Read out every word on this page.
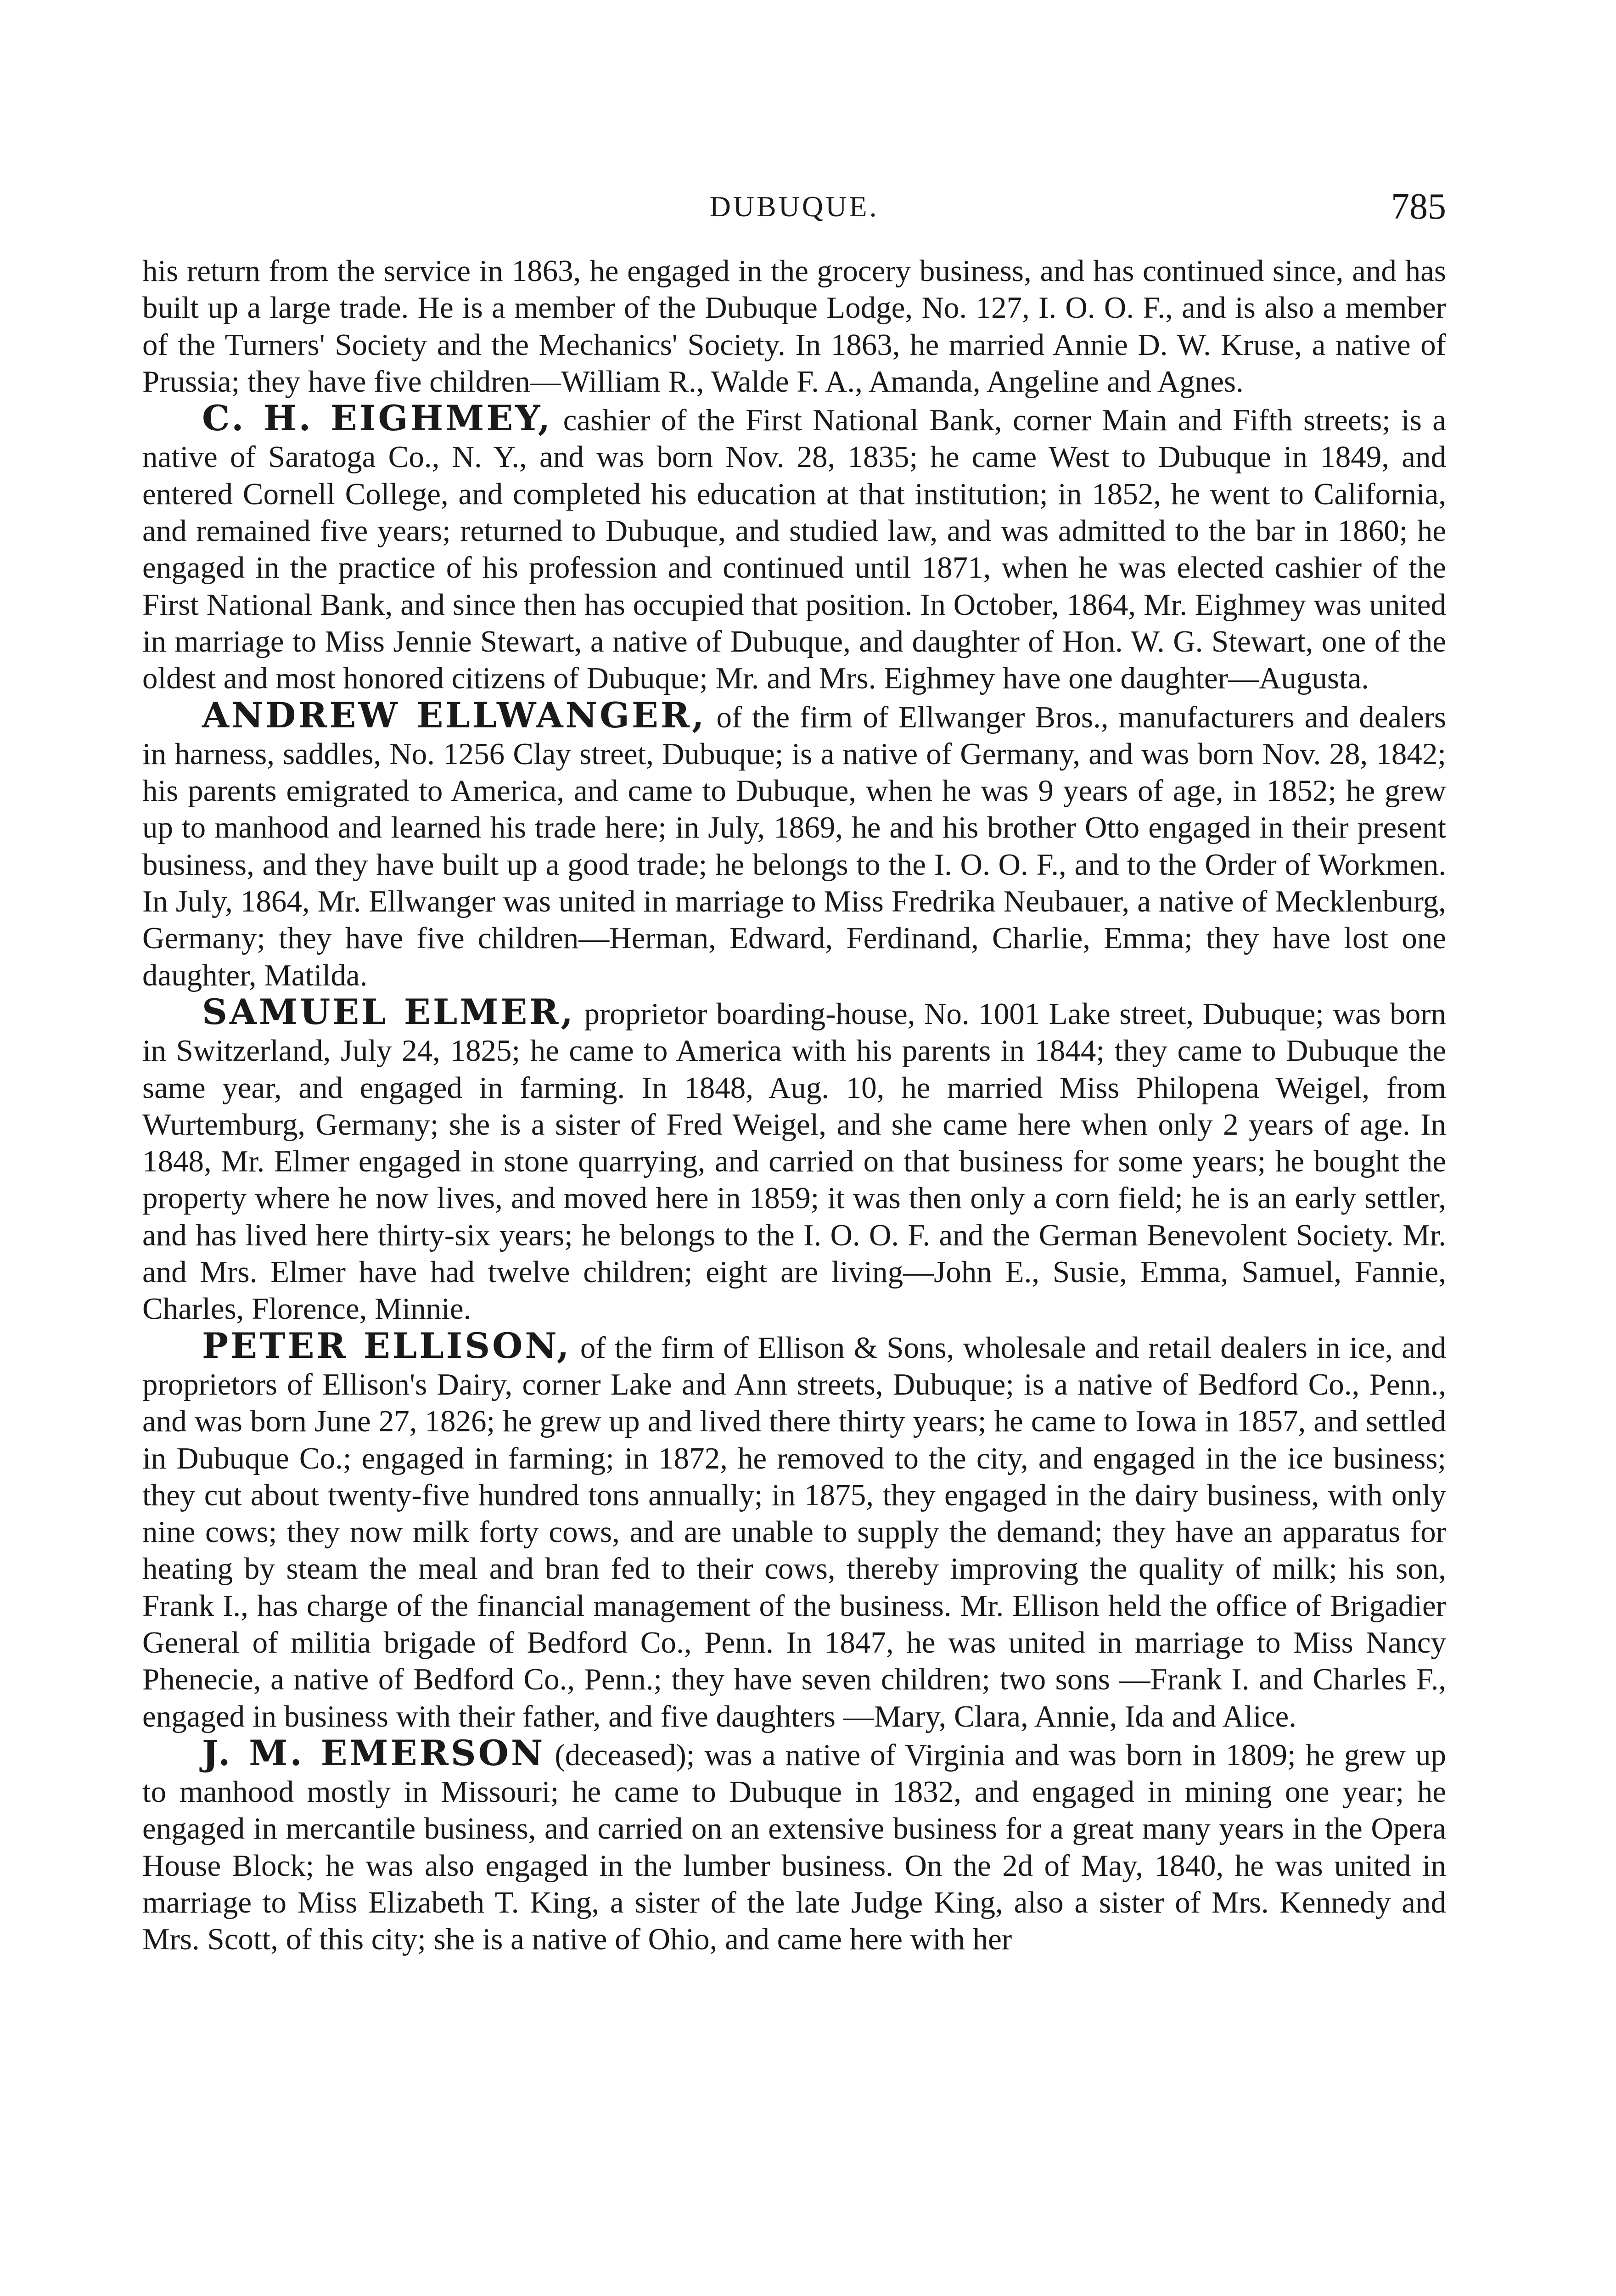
DUBUQUE.	785

his return from the service in 1863, he engaged in the grocery business, and has continued since, and has built up a large trade. He is a member of the Dubuque Lodge, No. 127, I. O. O. F., and is also a member of the Turners' Society and the Mechanics' Society. In 1863, he married Annie D. W. Kruse, a native of Prussia; they have five children—William R., Walde F. A., Amanda, Angeline and Agnes.

C. H. EIGHMEY, cashier of the First National Bank, corner Main and Fifth streets; is a native of Saratoga Co., N. Y., and was born Nov. 28, 1835; he came West to Dubuque in 1849, and entered Cornell College, and completed his education at that institution; in 1852, he went to California, and remained five years; returned to Dubuque, and studied law, and was admitted to the bar in 1860; he engaged in the practice of his profession and continued until 1871, when he was elected cashier of the First National Bank, and since then has occupied that position. In October, 1864, Mr. Eighmey was united in marriage to Miss Jennie Stewart, a native of Dubuque, and daughter of Hon. W. G. Stewart, one of the oldest and most honored citizens of Dubuque; Mr. and Mrs. Eighmey have one daughter—Augusta.

ANDREW ELLWANGER, of the firm of Ellwanger Bros., manufacturers and dealers in harness, saddles, No. 1256 Clay street, Dubuque; is a native of Germany, and was born Nov. 28, 1842; his parents emigrated to America, and came to Dubuque, when he was 9 years of age, in 1852; he grew up to manhood and learned his trade here; in July, 1869, he and his brother Otto engaged in their present business, and they have built up a good trade; he belongs to the I. O. O. F., and to the Order of Workmen. In July, 1864, Mr. Ellwanger was united in marriage to Miss Fredrika Neubauer, a native of Mecklenburg, Germany; they have five children—Herman, Edward, Ferdinand, Charlie, Emma; they have lost one daughter, Matilda.

SAMUEL ELMER, proprietor boarding-house, No. 1001 Lake street, Dubuque; was born in Switzerland, July 24, 1825; he came to America with his parents in 1844; they came to Dubuque the same year, and engaged in farming. In 1848, Aug. 10, he married Miss Philopena Weigel, from Wurtemburg, Germany; she is a sister of Fred Weigel, and she came here when only 2 years of age. In 1848, Mr. Elmer engaged in stone quarrying, and carried on that business for some years; he bought the property where he now lives, and moved here in 1859; it was then only a corn field; he is an early settler, and has lived here thirty-six years; he belongs to the I. O. O. F. and the German Benevolent Society. Mr. and Mrs. Elmer have had twelve children; eight are living—John E., Susie, Emma, Samuel, Fannie, Charles, Florence, Minnie.

PETER ELLISON, of the firm of Ellison & Sons, wholesale and retail dealers in ice, and proprietors of Ellison's Dairy, corner Lake and Ann streets, Dubuque; is a native of Bedford Co., Penn., and was born June 27, 1826; he grew up and lived there thirty years; he came to Iowa in 1857, and settled in Dubuque Co.; engaged in farming; in 1872, he removed to the city, and engaged in the ice business; they cut about twenty-five hundred tons annually; in 1875, they engaged in the dairy business, with only nine cows; they now milk forty cows, and are unable to supply the demand; they have an apparatus for heating by steam the meal and bran fed to their cows, thereby improving the quality of milk; his son, Frank I., has charge of the financial management of the business. Mr. Ellison held the office of Brigadier General of militia brigade of Bedford Co., Penn. In 1847, he was united in marriage to Miss Nancy Phenecie, a native of Bedford Co., Penn.; they have seven children; two sons —Frank I. and Charles F., engaged in business with their father, and five daughters —Mary, Clara, Annie, Ida and Alice.

J. M. EMERSON (deceased); was a native of Virginia and was born in 1809; he grew up to manhood mostly in Missouri; he came to Dubuque in 1832, and engaged in mining one year; he engaged in mercantile business, and carried on an extensive business for a great many years in the Opera House Block; he was also engaged in the lumber business. On the 2d of May, 1840, he was united in marriage to Miss Elizabeth T. King, a sister of the late Judge King, also a sister of Mrs. Kennedy and Mrs. Scott, of this city; she is a native of Ohio, and came here with her
